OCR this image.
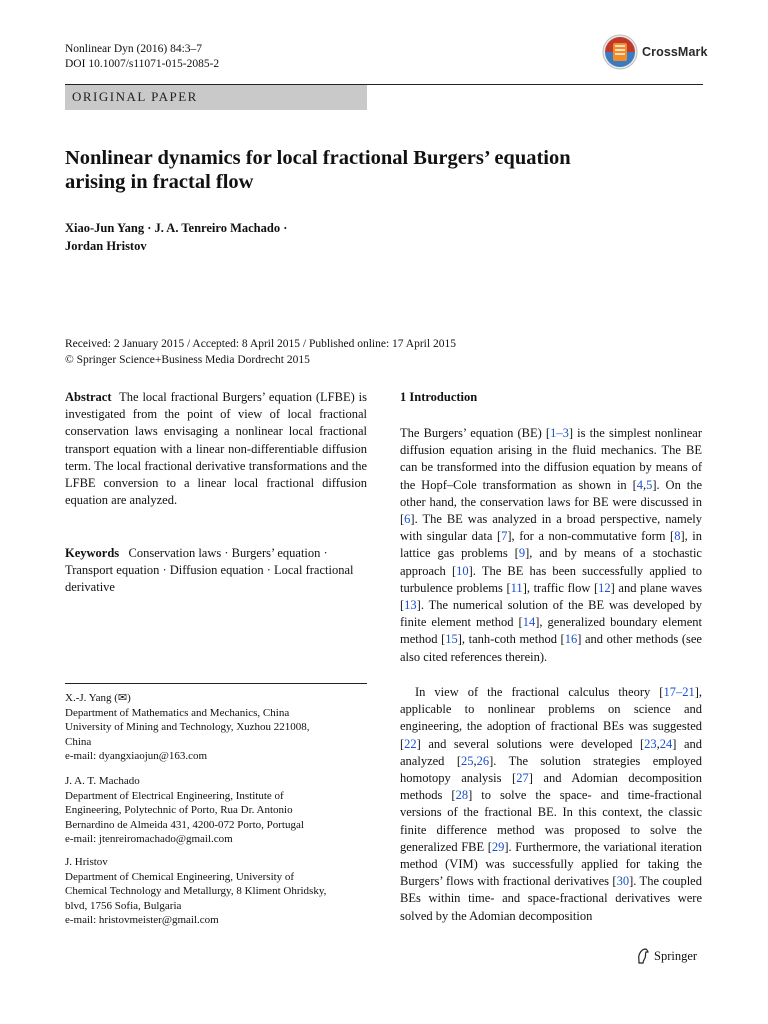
Nonlinear Dyn (2016) 84:3–7
DOI 10.1007/s11071-015-2085-2
CrossMark
ORIGINAL PAPER
Nonlinear dynamics for local fractional Burgers’ equation
arising in fractal flow
Xiao-Jun Yang · J. A. Tenreiro Machado ·
Jordan Hristov
Received: 2 January 2015 / Accepted: 8 April 2015 / Published online: 17 April 2015
© Springer Science+Business Media Dordrecht 2015
Abstract The local fractional Burgers’ equation (LFBE) is investigated from the point of view of local fractional conservation laws envisaging a nonlinear local fractional transport equation with a linear non-differentiable diffusion term. The local fractional derivative transformations and the LFBE conversion to a linear local fractional diffusion equation are analyzed.
Keywords Conservation laws · Burgers’ equation · Transport equation · Diffusion equation · Local fractional derivative
X.-J. Yang (✉)
Department of Mathematics and Mechanics, China
University of Mining and Technology, Xuzhou 221008,
China
e-mail: dyangxiaojun@163.com
J. A. T. Machado
Department of Electrical Engineering, Institute of
Engineering, Polytechnic of Porto, Rua Dr. Antonio
Bernardino de Almeida 431, 4200-072 Porto, Portugal
e-mail: jtenreiromachado@gmail.com
J. Hristov
Department of Chemical Engineering, University of
Chemical Technology and Metallurgy, 8 Kliment Ohridsky,
blvd, 1756 Sofia, Bulgaria
e-mail: hristovmeister@gmail.com
1 Introduction
The Burgers’ equation (BE) [1–3] is the simplest nonlinear diffusion equation arising in the fluid mechanics. The BE can be transformed into the diffusion equation by means of the Hopf–Cole transformation as shown in [4,5]. On the other hand, the conservation laws for BE were discussed in [6]. The BE was analyzed in a broad perspective, namely with singular data [7], for a non-commutative form [8], in lattice gas problems [9], and by means of a stochastic approach [10]. The BE has been successfully applied to turbulence problems [11], traffic flow [12] and plane waves [13]. The numerical solution of the BE was developed by finite element method [14], generalized boundary element method [15], tanh-coth method [16] and other methods (see also cited references therein).
In view of the fractional calculus theory [17–21], applicable to nonlinear problems on science and engineering, the adoption of fractional BEs was suggested [22] and several solutions were developed [23,24] and analyzed [25,26]. The solution strategies employed homotopy analysis [27] and Adomian decomposition methods [28] to solve the space- and time-fractional versions of the fractional BE. In this context, the classic finite difference method was proposed to solve the generalized FBE [29]. Furthermore, the variational iteration method (VIM) was successfully applied for taking the Burgers’ flows with fractional derivatives [30]. The coupled BEs within time- and space-fractional derivatives were solved by the Adomian decomposition
Springer
